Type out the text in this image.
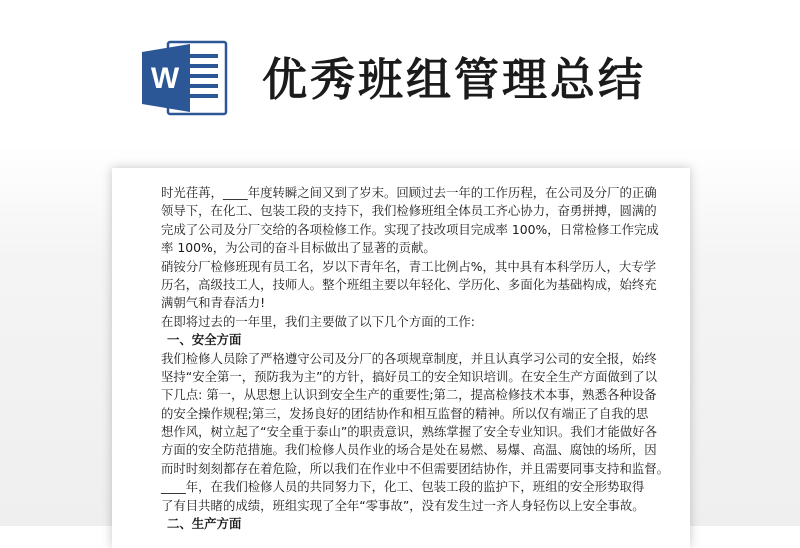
W 优秀班组管理总结
时光荏苒，____年度转瞬之间又到了岁末。回顾过去一年的工作历程，在公司及分厂的正确
领导下，在化工、包装工段的支持下，我们检修班组全体员工齐心协力，奋勇拼搏，圆满的
完成了公司及分厂交给的各项检修工作。实现了技改项目完成率 100%，日常检修工作完成
率 100%，为公司的奋斗目标做出了显著的贡献。
硝铵分厂检修班现有员工名，岁以下青年名，青工比例占%，其中具有本科学历人，大专学
历名，高级技工人，技师人。整个班组主要以年轻化、学历化、多面化为基础构成，始终充
满朝气和青春活力!
在即将过去的一年里，我们主要做了以下几个方面的工作:
一、安全方面
我们检修人员除了严格遵守公司及分厂的各项规章制度，并且认真学习公司的安全报，始终
坚持“安全第一，预防我为主”的方针，搞好员工的安全知识培训。在安全生产方面做到了以
下几点: 第一，从思想上认识到安全生产的重要性;第二，提高检修技术本事，熟悉各种设备
的安全操作规程;第三，发扬良好的团结协作和相互监督的精神。所以仅有端正了自我的思
想作风，树立起了“安全重于泰山”的职责意识，熟练掌握了安全专业知识。我们才能做好各
方面的安全防范措施。我们检修人员作业的场合是处在易燃、易爆、高温、腐蚀的场所，因
而时时刻刻都存在着危险，所以我们在作业中不但需要团结协作，并且需要同事支持和监督。
____年，在我们检修人员的共同努力下，化工、包装工段的监护下，班组的安全形势取得
了有目共睹的成绩，班组实现了全年“零事故”，没有发生过一齐人身轻伤以上安全事故。
二、生产方面
